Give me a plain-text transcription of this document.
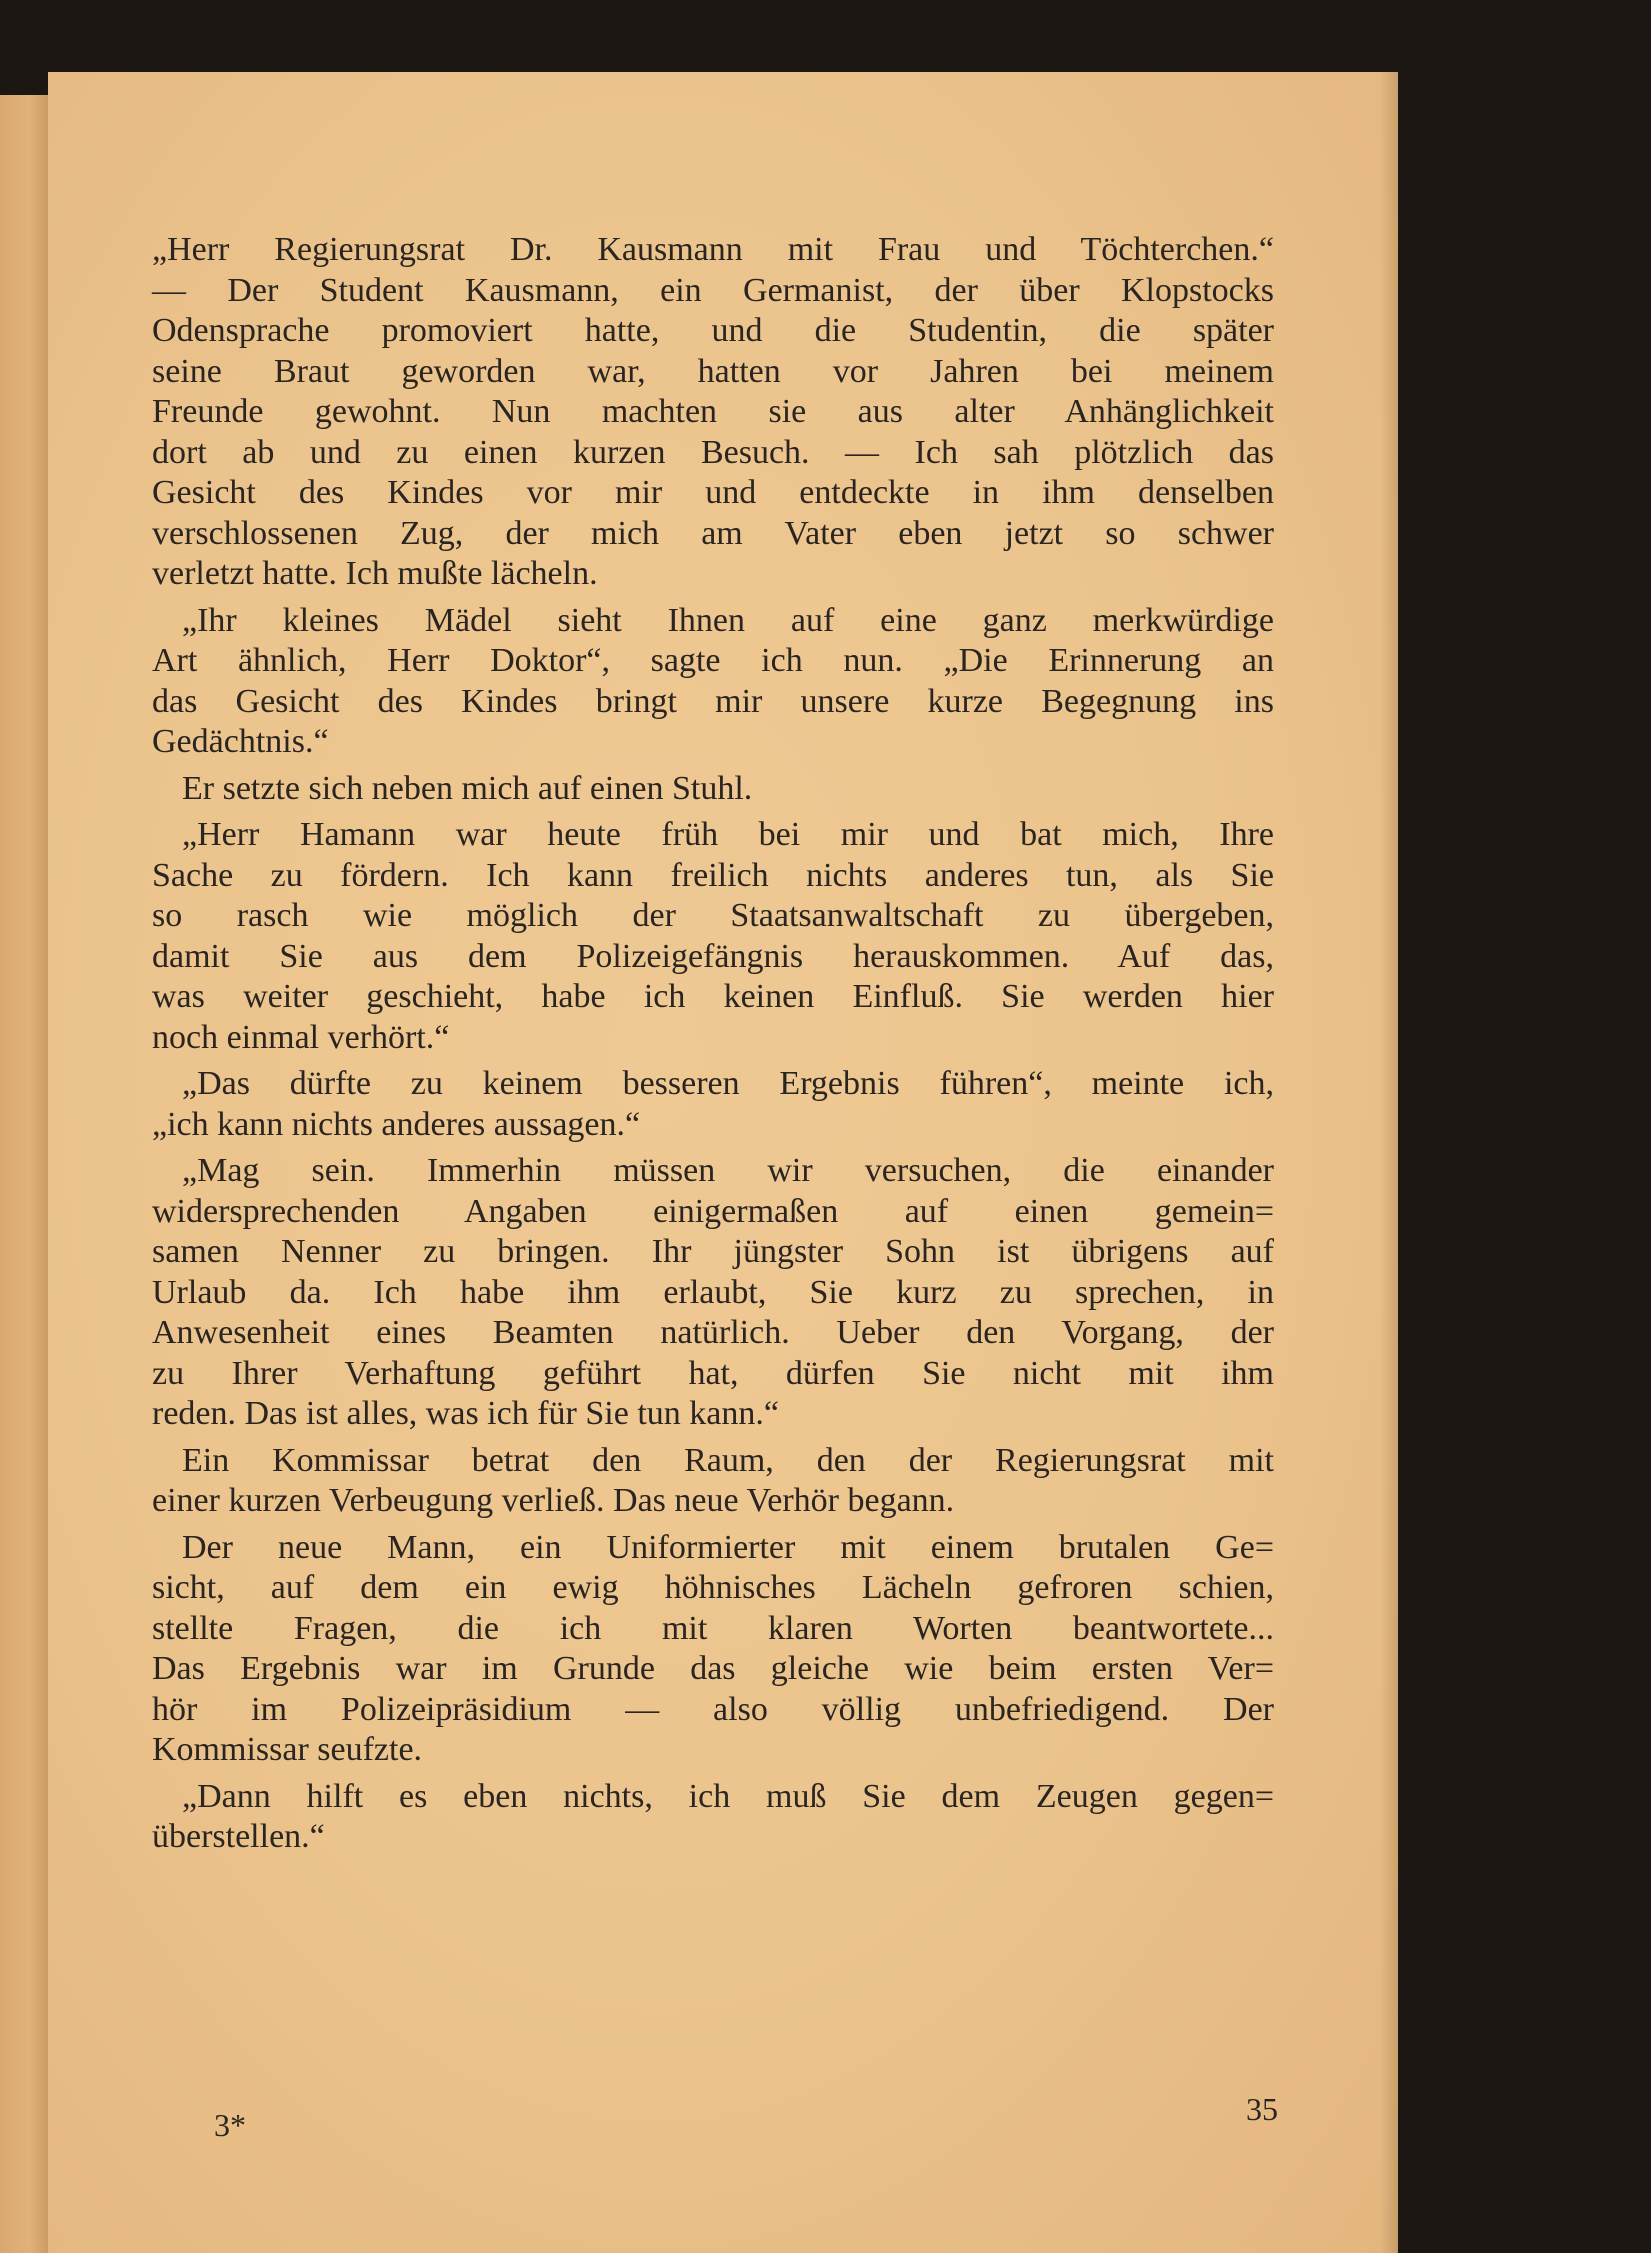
„Herr Regierungsrat Dr. Kausmann mit Frau und Töchterchen.“
— Der Student Kausmann, ein Germanist, der über Klopstocks
Odensprache promoviert hatte, und die Studentin, die später
seine Braut geworden war, hatten vor Jahren bei meinem
Freunde gewohnt. Nun machten sie aus alter Anhänglichkeit
dort ab und zu einen kurzen Besuch. — Ich sah plötzlich das
Gesicht des Kindes vor mir und entdeckte in ihm denselben
verschlossenen Zug, der mich am Vater eben jetzt so schwer
verletzt hatte. Ich mußte lächeln.
„Ihr kleines Mädel sieht Ihnen auf eine ganz merkwürdige
Art ähnlich, Herr Doktor“, sagte ich nun. „Die Erinnerung an
das Gesicht des Kindes bringt mir unsere kurze Begegnung ins
Gedächtnis.“
Er setzte sich neben mich auf einen Stuhl.
„Herr Hamann war heute früh bei mir und bat mich, Ihre
Sache zu fördern. Ich kann freilich nichts anderes tun, als Sie
so rasch wie möglich der Staatsanwaltschaft zu übergeben,
damit Sie aus dem Polizeigefängnis herauskommen. Auf das,
was weiter geschieht, habe ich keinen Einfluß. Sie werden hier
noch einmal verhört.“
„Das dürfte zu keinem besseren Ergebnis führen“, meinte ich,
„ich kann nichts anderes aussagen.“
„Mag sein. Immerhin müssen wir versuchen, die einander
widersprechenden Angaben einigermaßen auf einen gemein=
samen Nenner zu bringen. Ihr jüngster Sohn ist übrigens auf
Urlaub da. Ich habe ihm erlaubt, Sie kurz zu sprechen, in
Anwesenheit eines Beamten natürlich. Ueber den Vorgang, der
zu Ihrer Verhaftung geführt hat, dürfen Sie nicht mit ihm
reden. Das ist alles, was ich für Sie tun kann.“
Ein Kommissar betrat den Raum, den der Regierungsrat mit
einer kurzen Verbeugung verließ. Das neue Verhör begann.
Der neue Mann, ein Uniformierter mit einem brutalen Ge=
sicht, auf dem ein ewig höhnisches Lächeln gefroren schien,
stellte Fragen, die ich mit klaren Worten beantwortete...
Das Ergebnis war im Grunde das gleiche wie beim ersten Ver=
hör im Polizeipräsidium — also völlig unbefriedigend. Der
Kommissar seufzte.
„Dann hilft es eben nichts, ich muß Sie dem Zeugen gegen=
überstellen.“
3*	35
